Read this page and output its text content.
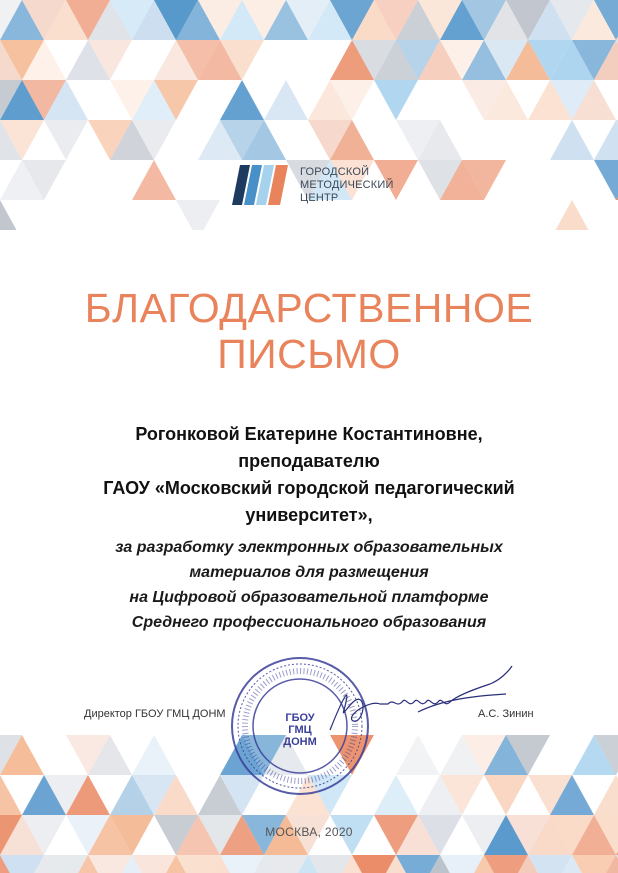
ГОРОДСКОЙ
МЕТОДИЧЕСКИЙ
ЦЕНТР
БЛАГОДАРСТВЕННОЕ
ПИСЬМО
Рогонковой Екатерине Костантиновне,
преподавателю
ГАОУ «Московский городской педагогический
университет»,
за разработку электронных образовательных
материалов для размещения
на Цифровой образовательной платформе
Среднего профессионального образования
ГБОУ
ГМЦ
ДОНМ
Директор ГБОУ ГМЦ ДОНМ	А.С. Зинин
МОСКВА, 2020
